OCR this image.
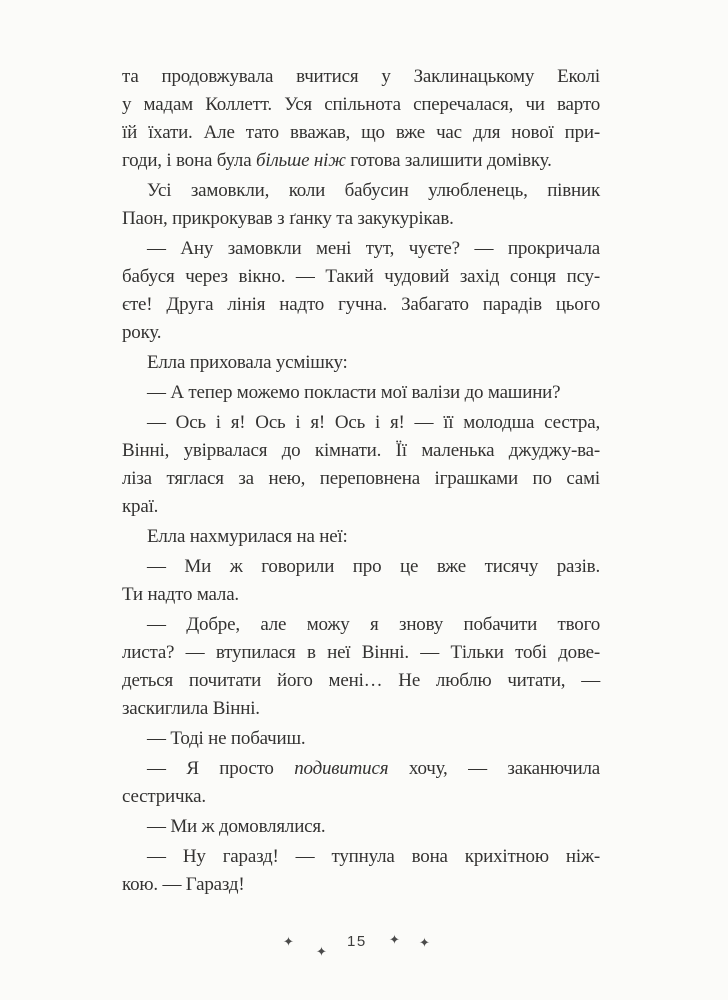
та продовжувала вчитися у Заклинацькому Еколі
у мадам Коллетт. Уся спільнота сперечалася, чи варто
їй їхати. Але тато вважав, що вже час для нової при-
годи, і вона була більше ніж готова залишити домівку.
Усі замовкли, коли бабусин улюбленець, півник
Паон, прикрокував з ґанку та закукурікав.
— Ану замовкли мені тут, чуєте? — прокричала
бабуся через вікно. — Такий чудовий захід сонця псу-
єте! Друга лінія надто гучна. Забагато парадів цього
року.
Елла приховала усмішку:
— А тепер можемо покласти мої валізи до машини?
— Ось і я! Ось і я! Ось і я! — її молодша сестра,
Вінні, увірвалася до кімнати. Її маленька джуджу-ва-
ліза тяглася за нею, переповнена іграшками по самі
краї.
Елла нахмурилася на неї:
— Ми ж говорили про це вже тисячу разів.
Ти надто мала.
— Добре, але можу я знову побачити твого
листа? — втупилася в неї Вінні. — Тільки тобі дове-
деться почитати його мені… Не люблю читати, —
заскиглила Вінні.
— Тоді не побачиш.
— Я просто подивитися хочу, — заканючила
сестричка.
— Ми ж домовлялися.
— Ну гаразд! — тупнула вона крихітною ніж-
кою. — Гаразд!
✦
✦
15 ✦ ✦
